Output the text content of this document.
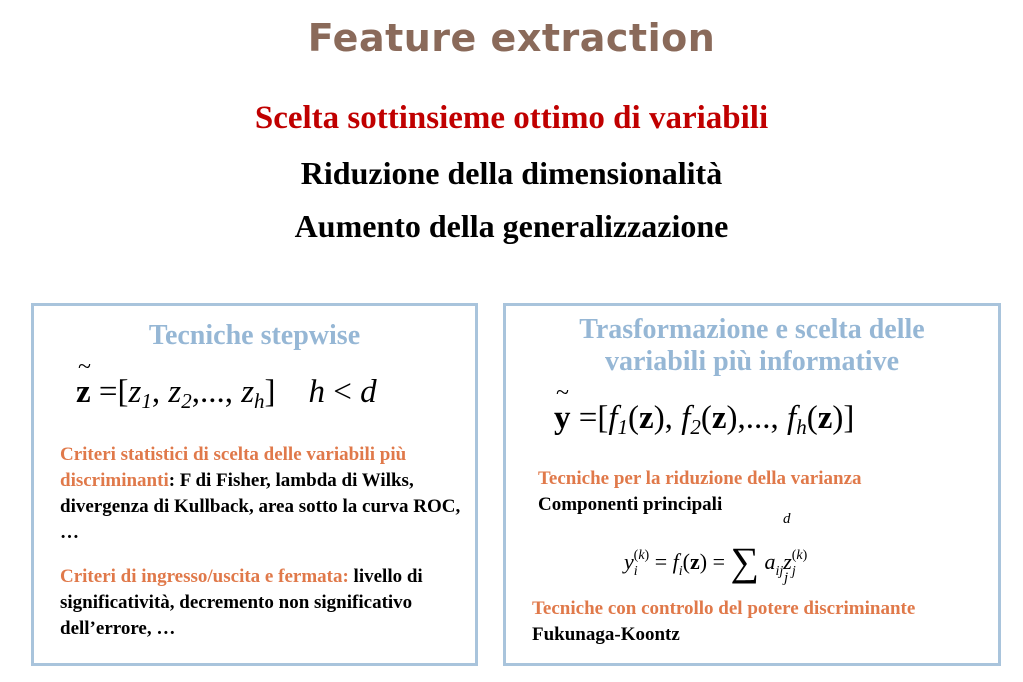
Feature extraction
Scelta sottinsieme ottimo di variabili
Riduzione della dimensionalità
Aumento della generalizzazione
Tecniche stepwise
z
~
$=[z_1$, $z_2$,..., $z_h$]    h < d
Criteri statistici di scelta delle variabili più discriminanti: F di Fisher, lambda di Wilks, divergenza di Kullback, area sotto la curva ROC, …
Criteri di ingresso/uscita e fermata: livello di significatività, decremento non significativo dell’errore, …
Trasformazione e scelta delle
variabili più informative
y
~
$=[f_1(z)$, $f_2(z)$,..., $f_h(z)$]
Tecniche per la riduzione della varianza
Componenti principali
$y_i^{(k)} = f_i(z)$ = ∑ $a_{ij}z_j^{(k)}$
d
j
Tecniche con controllo del potere discriminante
Fukunaga-Koontz
